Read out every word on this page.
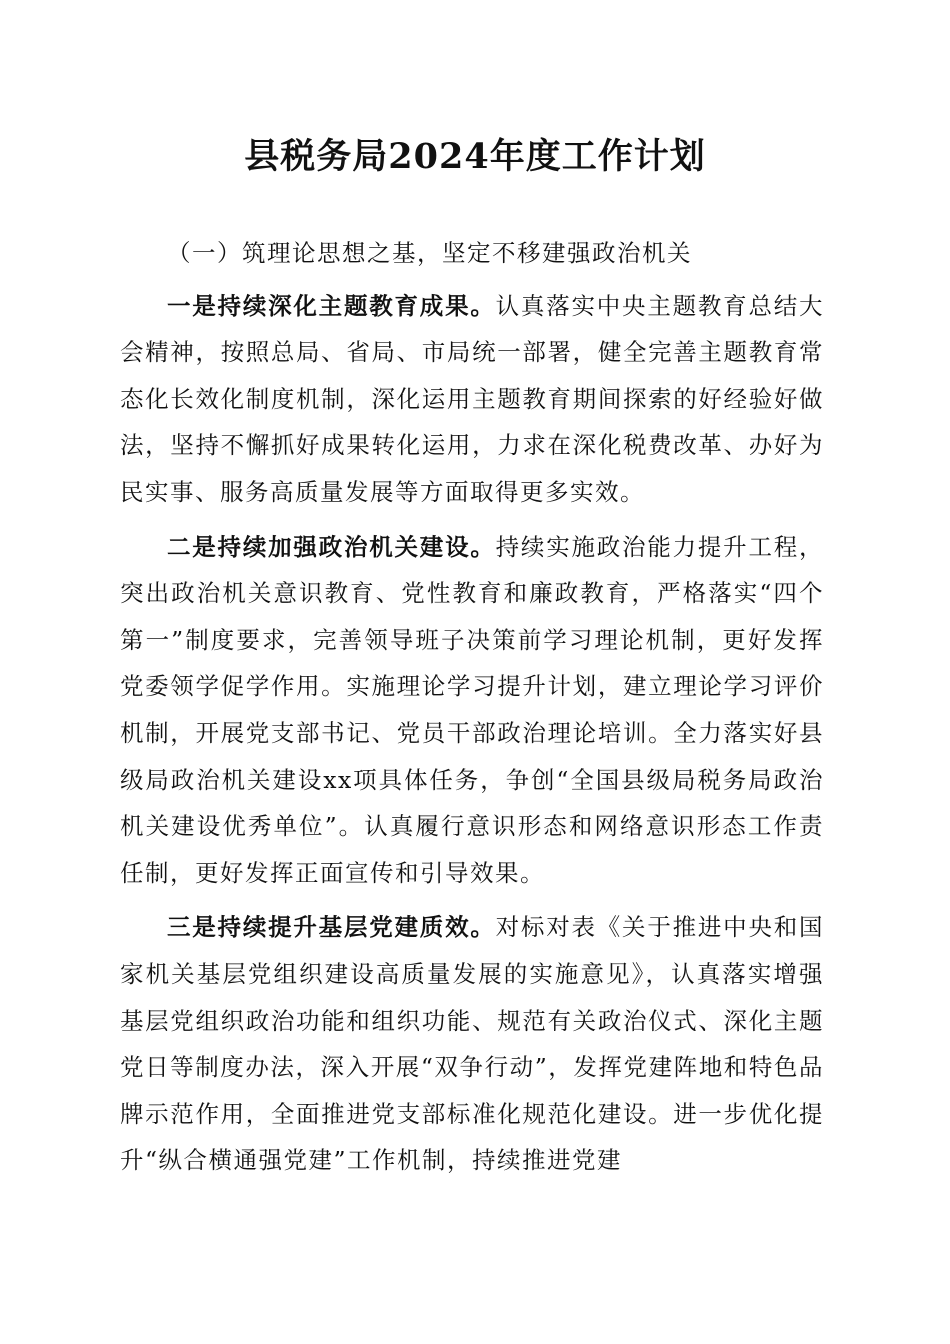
县税务局2024年度工作计划

（一）筑理论思想之基，坚定不移建强政治机关

一是持续深化主题教育成果。认真落实中央主题教育总结大会精神，按照总局、省局、市局统一部署，健全完善主题教育常态化长效化制度机制，深化运用主题教育期间探索的好经验好做法，坚持不懈抓好成果转化运用，力求在深化税费改革、办好为民实事、服务高质量发展等方面取得更多实效。

二是持续加强政治机关建设。持续实施政治能力提升工程，突出政治机关意识教育、党性教育和廉政教育，严格落实“四个第一”制度要求，完善领导班子决策前学习理论机制，更好发挥党委领学促学作用。实施理论学习提升计划，建立理论学习评价机制，开展党支部书记、党员干部政治理论培训。全力落实好县级局政治机关建设xx项具体任务，争创“全国县级局税务局政治机关建设优秀单位”。认真履行意识形态和网络意识形态工作责任制，更好发挥正面宣传和引导效果。

三是持续提升基层党建质效。对标对表《关于推进中央和国家机关基层党组织建设高质量发展的实施意见》，认真落实增强基层党组织政治功能和组织功能、规范有关政治仪式、深化主题党日等制度办法，深入开展“双争行动”，发挥党建阵地和特色品牌示范作用，全面推进党支部标准化规范化建设。进一步优化提升“纵合横通强党建”工作机制，持续推进党建
